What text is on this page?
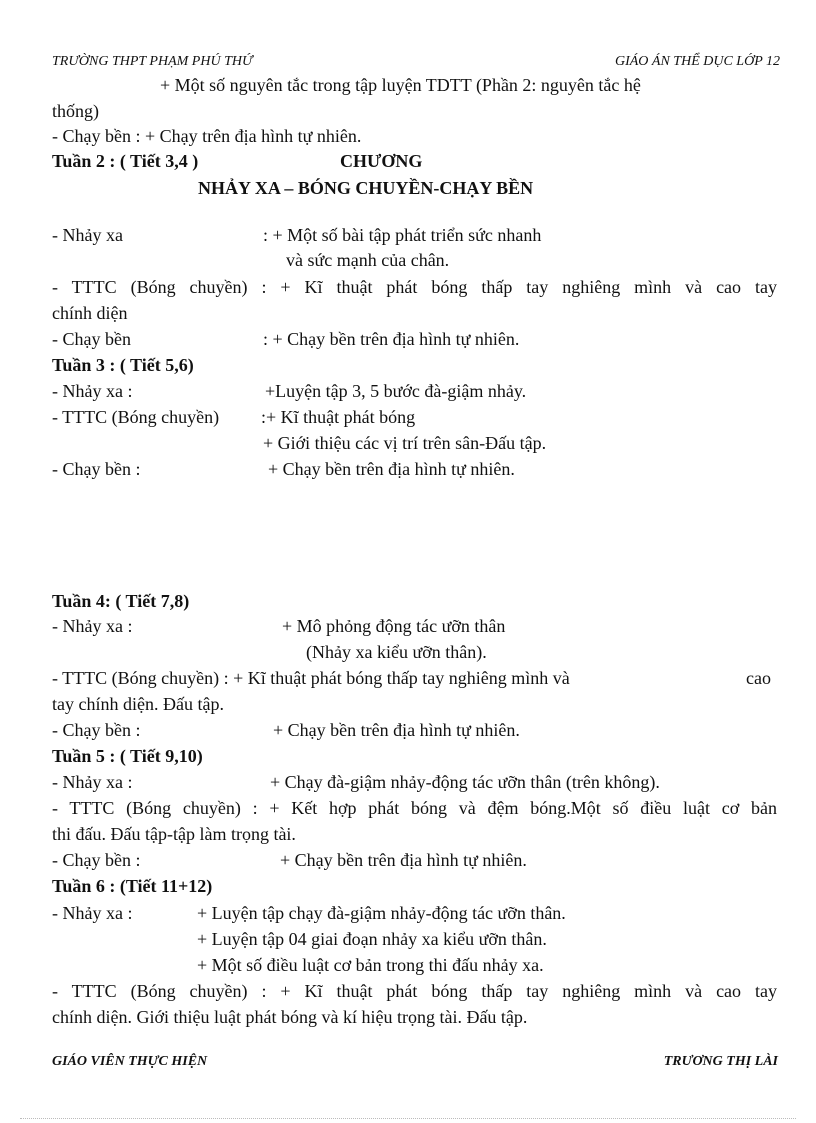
TRƯỜNG THPT PHẠM PHÚ THỨ	GIÁO ÁN THỂ DỤC LỚP 12
+ Một số nguyên tắc trong tập luyện TDTT (Phần 2: nguyên tắc hệ
thống)
- Chạy bền : + Chạy trên địa hình tự nhiên.
Tuần 2 : ( Tiết 3,4 )	CHƯƠNG
NHẢY XA – BÓNG CHUYỀN-CHẠY BỀN
- Nhảy xa	: + Một số bài tập phát triển sức nhanh
và sức mạnh của chân.
- TTTC (Bóng chuyền) : + Kĩ thuật phát bóng thấp tay nghiêng mình và cao tay
chính diện
- Chạy bền	: + Chạy bền trên địa hình tự nhiên.
Tuần 3 : ( Tiết 5,6)
- Nhảy xa :	+Luyện tập 3, 5 bước đà-giậm nhảy.
- TTTC (Bóng chuyền) :+ Kĩ thuật phát bóng
+ Giới thiệu các vị trí trên sân-Đấu tập.
- Chạy bền :	+ Chạy bền trên địa hình tự nhiên.
Tuần 4: ( Tiết 7,8)
- Nhảy xa :	+ Mô phỏng động tác ưỡn thân
(Nhảy xa kiểu ưỡn thân).
- TTTC (Bóng chuyền) : + Kĩ thuật phát bóng thấp tay nghiêng mình và	cao
tay chính diện. Đấu tập.
- Chạy bền :	+ Chạy bền trên địa hình tự nhiên.
Tuần 5 : ( Tiết 9,10)
- Nhảy xa :	+ Chạy đà-giậm nhảy-động tác ưỡn thân (trên không).
- TTTC (Bóng chuyền) : + Kết hợp phát bóng và đệm bóng.Một số điều luật cơ bản
thi đấu. Đấu tập-tập làm trọng tài.
- Chạy bền :	+ Chạy bền trên địa hình tự nhiên.
Tuần 6 : (Tiết 11+12)
- Nhảy xa :	+ Luyện tập chạy đà-giậm nhảy-động tác ưỡn thân.
+ Luyện tập 04 giai đoạn nhảy xa kiểu ưỡn thân.
+ Một số điều luật cơ bản trong thi đấu nhảy xa.
- TTTC (Bóng chuyền) : + Kĩ thuật phát bóng thấp tay nghiêng mình và cao tay
chính diện. Giới thiệu luật phát bóng và kí hiệu trọng tài. Đấu tập.
GIÁO VIÊN THỰC HIỆN	TRƯƠNG THỊ LÀI
